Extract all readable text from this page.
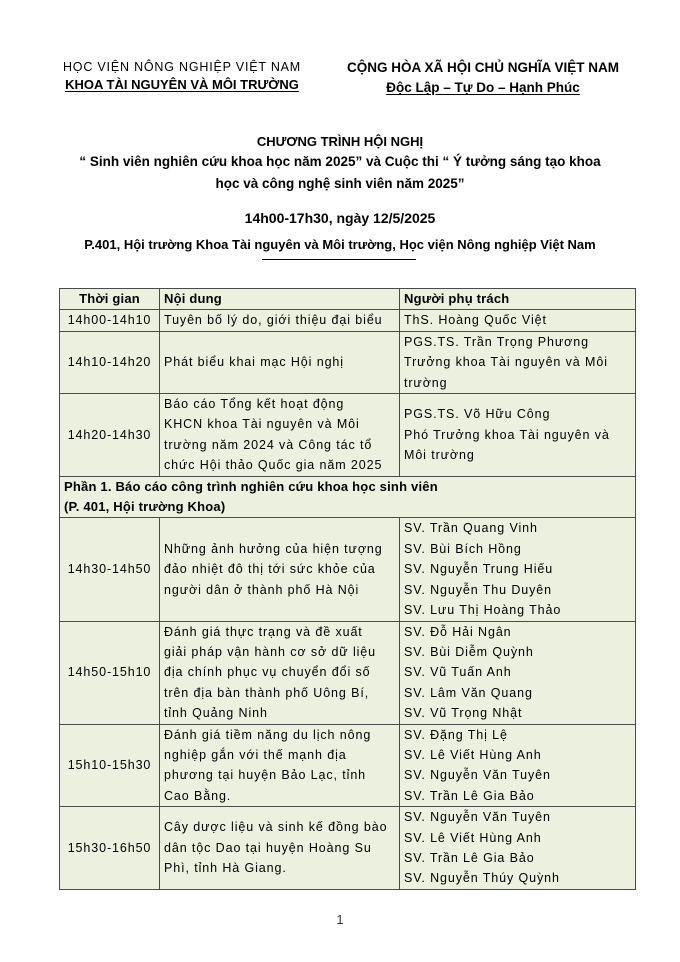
HỌC VIỆN NÔNG NGHIỆP VIỆT NAM
KHOA TÀI NGUYÊN VÀ MÔI TRƯỜNG
CỘNG HÒA XÃ HỘI CHỦ NGHĨA VIỆT NAM
Độc Lập – Tự Do – Hạnh Phúc
CHƯƠNG TRÌNH HỘI NGHỊ
“ Sinh viên nghiên cứu khoa học năm 2025” và Cuộc thi “ Ý tưởng sáng tạo khoa
học và công nghệ sinh viên năm 2025”
14h00-17h30, ngày 12/5/2025
P.401, Hội trường Khoa Tài nguyên và Môi trường, Học viện Nông nghiệp Việt Nam
Thời gian	Nội dung	Người phụ trách
14h00-14h10	Tuyên bố lý do, giới thiệu đại biểu	ThS. Hoàng Quốc Việt

14h10-14h20	Phát biểu khai mạc Hội nghị	PGS.TS. Trần Trọng Phương
Trưởng khoa Tài nguyên và Môi
trường

14h20-14h30	Báo cáo Tổng kết hoạt động
KHCN khoa Tài nguyên và Môi
trường năm 2024 và Công tác tổ
chức Hội thảo Quốc gia năm 2025	PGS.TS. Võ Hữu Công
Phó Trưởng khoa Tài nguyên và
Môi trường

Phần 1. Báo cáo công trình nghiên cứu khoa học sinh viên
(P. 401, Hội trường Khoa)		

14h30-14h50	Những ảnh hưởng của hiện tượng
đảo nhiệt đô thị tới sức khỏe của
người dân ở thành phố Hà Nội	SV. Trần Quang Vinh
SV. Bùi Bích Hồng
SV. Nguyễn Trung Hiếu
SV. Nguyễn Thu Duyên
SV. Lưu Thị Hoàng Thảo

14h50-15h10	Đánh giá thực trạng và đề xuất
giải pháp vận hành cơ sở dữ liệu
địa chính phục vụ chuyển đổi số
trên địa bàn thành phố Uông Bí,
tỉnh Quảng Ninh	SV. Đỗ Hải Ngân
SV. Bùi Diễm Quỳnh
SV. Vũ Tuấn Anh
SV. Lâm Văn Quang
SV. Vũ Trọng Nhật

15h10-15h30	Đánh giá tiềm năng du lịch nông
nghiệp gắn với thế mạnh địa
phương tại huyện Bảo Lạc, tỉnh
Cao Bằng.	SV. Đặng Thị Lệ
SV. Lê Viết Hùng Anh
SV. Nguyễn Văn Tuyên
SV. Trần Lê Gia Bảo

15h30-16h50	Cây dược liệu và sinh kế đồng bào
dân tộc Dao tại huyện Hoàng Su
Phì, tỉnh Hà Giang.	SV. Nguyễn Văn Tuyên
SV. Lê Viết Hùng Anh
SV. Trần Lê Gia Bảo
SV. Nguyễn Thúy Quỳnh
1
